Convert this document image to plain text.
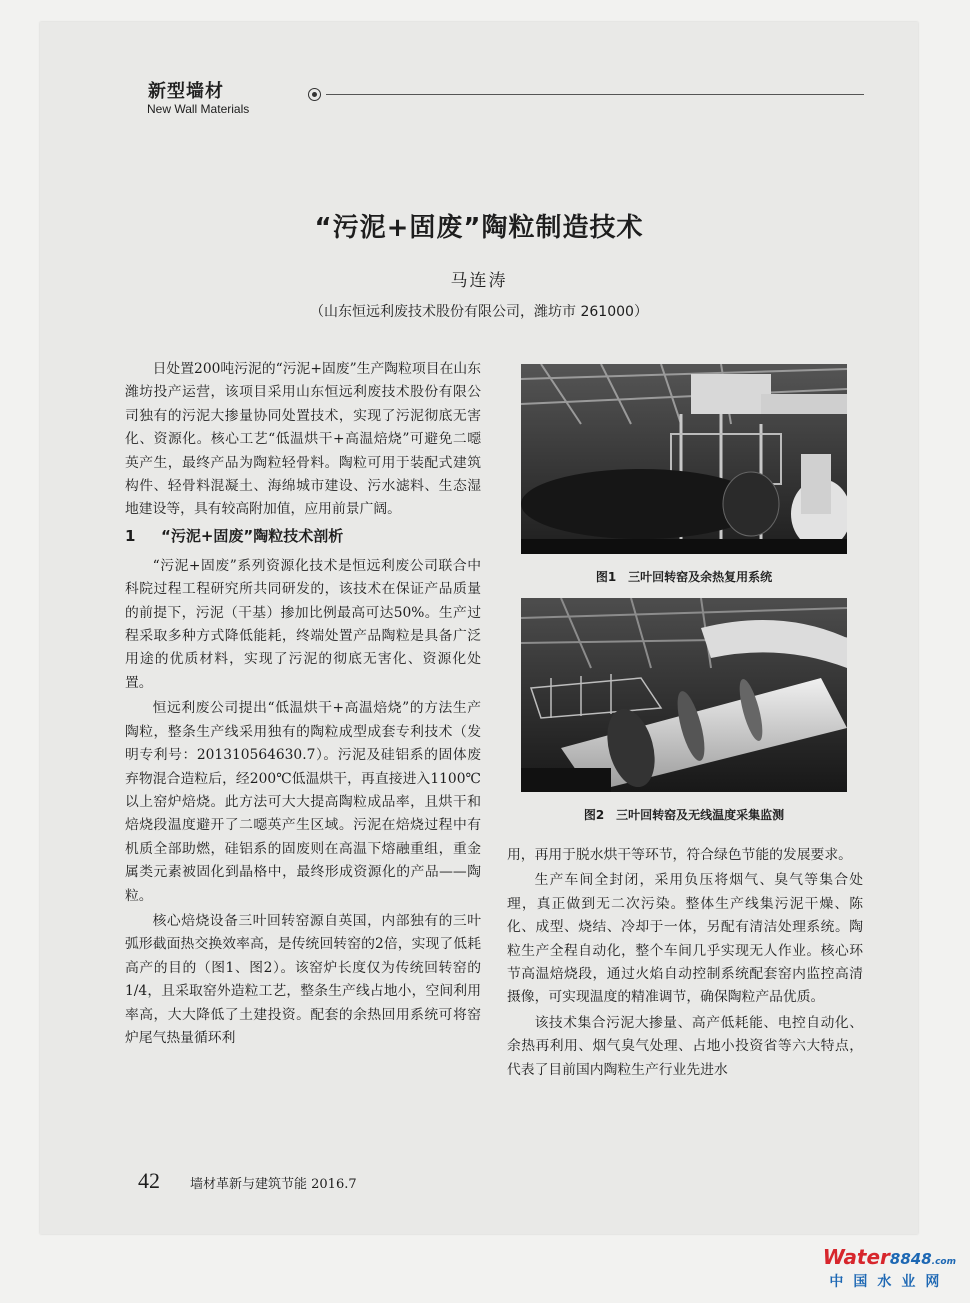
新型墙材
New Wall Materials
“污泥+固废”陶粒制造技术
马连涛
（山东恒远利废技术股份有限公司，潍坊市 261000）

日处置200吨污泥的“污泥+固废”生产陶粒项目在山东潍坊投产运营，该项目采用山东恒远利废技术股份有限公司独有的污泥大掺量协同处置技术，实现了污泥彻底无害化、资源化。核心工艺“低温烘干+高温焙烧”可避免二噁英产生，最终产品为陶粒轻骨料。陶粒可用于装配式建筑构件、轻骨料混凝土、海绵城市建设、污水滤料、生态湿地建设等，具有较高附加值，应用前景广阔。

1 “污泥+固废”陶粒技术剖析

“污泥+固废”系列资源化技术是恒远利废公司联合中科院过程工程研究所共同研发的，该技术在保证产品质量的前提下，污泥（干基）掺加比例最高可达50%。生产过程采取多种方式降低能耗，终端处置产品陶粒是具备广泛用途的优质材料，实现了污泥的彻底无害化、资源化处置。

恒远利废公司提出“低温烘干+高温焙烧”的方法生产陶粒，整条生产线采用独有的陶粒成型成套专利技术（发明专利号：201310564630.7）。污泥及硅铝系的固体废弃物混合造粒后，经200℃低温烘干，再直接进入1100℃以上窑炉焙烧。此方法可大大提高陶粒成品率，且烘干和焙烧段温度避开了二噁英产生区域。污泥在焙烧过程中有机质全部助燃，硅铝系的固废则在高温下熔融重组，重金属类元素被固化到晶格中，最终形成资源化的产品——陶粒。

核心焙烧设备三叶回转窑源自英国，内部独有的三叶弧形截面热交换效率高，是传统回转窑的2倍，实现了低耗高产的目的（图1、图2）。该窑炉长度仅为传统回转窑的1/4，且采取窑外造粒工艺，整条生产线占地小，空间利用率高，大大降低了土建投资。配套的余热回用系统可将窑炉尾气热量循环利

图1　三叶回转窑及余热复用系统
图2　三叶回转窑及无线温度采集监测

用，再用于脱水烘干等环节，符合绿色节能的发展要求。

生产车间全封闭，采用负压将烟气、臭气等集合处理，真正做到无二次污染。整体生产线集污泥干燥、陈化、成型、烧结、冷却于一体，另配有清洁处理系统。陶粒生产全程自动化，整个车间几乎实现无人作业。核心环节高温焙烧段，通过火焰自动控制系统配套窑内监控高清摄像，可实现温度的精准调节，确保陶粒产品优质。

该技术集合污泥大掺量、高产低耗能、电控自动化、余热再利用、烟气臭气处理、占地小投资省等六大特点，代表了目前国内陶粒生产行业先进水

42 墙材革新与建筑节能 2016.7
Water8848.com
中国水业网
